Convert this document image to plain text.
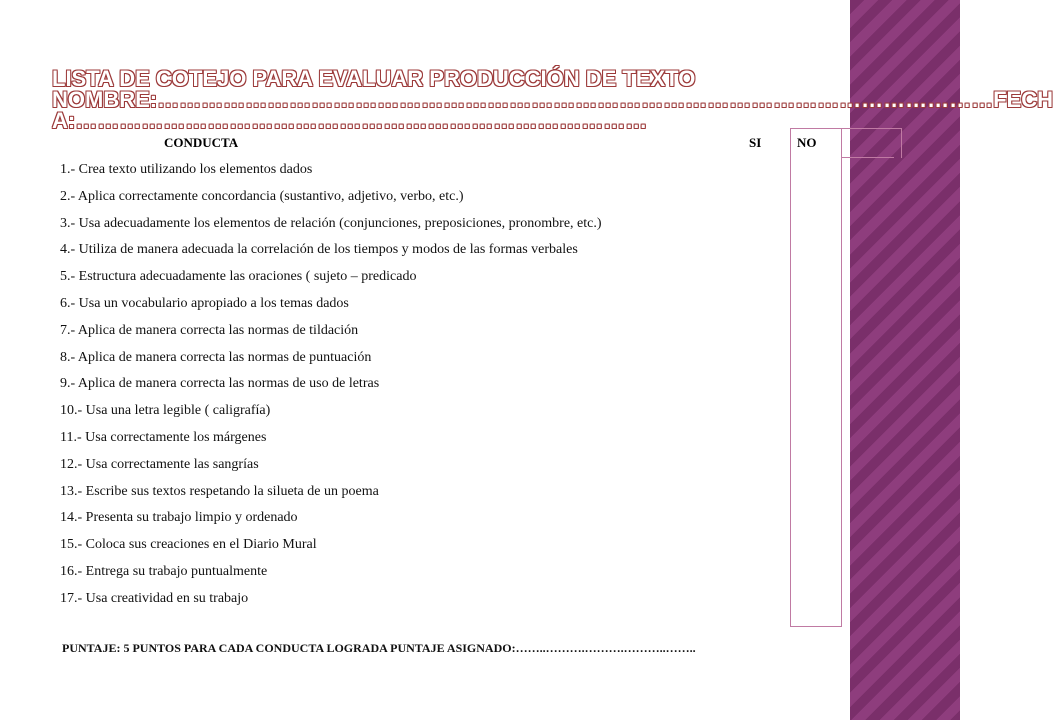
LISTA DE COTEJO PARA EVALUAR PRODUCCIÓN DE TEXTO
NOMBRE:……………………………………………………………………………………………………FECH
A:……………………………………………………………………
CONDUCTA	SI	NO
1.- Crea texto utilizando los elementos dados
2.- Aplica correctamente concordancia (sustantivo, adjetivo, verbo, etc.)
3.- Usa adecuadamente los elementos de relación (conjunciones, preposiciones, pronombre, etc.)
4.- Utiliza de manera adecuada la correlación de los tiempos y modos de las formas verbales
5.- Estructura adecuadamente las oraciones ( sujeto – predicado
6.- Usa un vocabulario apropiado a los temas dados
7.- Aplica de manera correcta las normas de tildación
8.- Aplica de manera correcta las normas de puntuación
9.- Aplica de manera correcta las normas de uso de letras
10.- Usa una letra legible ( caligrafía)
11.- Usa correctamente los márgenes
12.- Usa correctamente las sangrías
13.- Escribe sus textos respetando la silueta de un poema
14.- Presenta su trabajo limpio y ordenado
15.- Coloca sus creaciones en el Diario Mural
16.- Entrega su trabajo puntualmente
17.- Usa creatividad en su trabajo
PUNTAJE: 5 PUNTOS PARA CADA CONDUCTA LOGRADA PUNTAJE ASIGNADO:……..……….……….………..……..
